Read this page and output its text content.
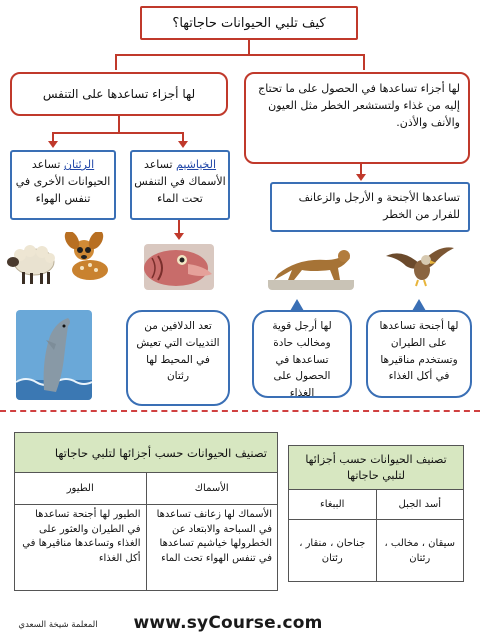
كيف تلبي الحيوانات حاجاتها؟
لها أجزاء تساعدها على التنفس	لها أجزاء تساعدها في الحصول على ما تحتاج إليه من غذاء ولتستشعر الخطر مثل العيون والأنف والأذن.
الرئتان تساعد الحيوانات الأخرى في تنفس الهواء
الخياشيم تساعد الأسماك في التنفس تحت الماء	تساعدها الأجنحة و الأرجل والزعانف للفرار من الخطر
تعد الدلافين من الثدييات التي تعيش في المحيط لها رئتان
لها أرجل قوية ومخالب حادة تساعدها في الحصول على الغذاء
لها أجنحة تساعدها على الطيران وتستخدم مناقيرها في أكل الغذاء
تصنيف الحيوانات حسب أجزائها لتلبي حاجاتها	
الأسماك	الطيور
الأسماك لها زعانف تساعدها في السباحة والابتعاد عن الخطرولها خياشيم تساعدها في تنفس الهواء تحت الماء	الطيور لها أجنحة تساعدها في الطيران والعثور على الغذاء وتساعدها مناقيرها في أكل الغذاء
تصنيف الحيوانات حسب أجزائها لتلبي حاجاتها	
أسد الجبل	الببغاء
سيقان ، مخالب ، رئتان	جناحان ، منقار ، رئتان
المعلمة شيخة السعدي	www.syCourse.com
